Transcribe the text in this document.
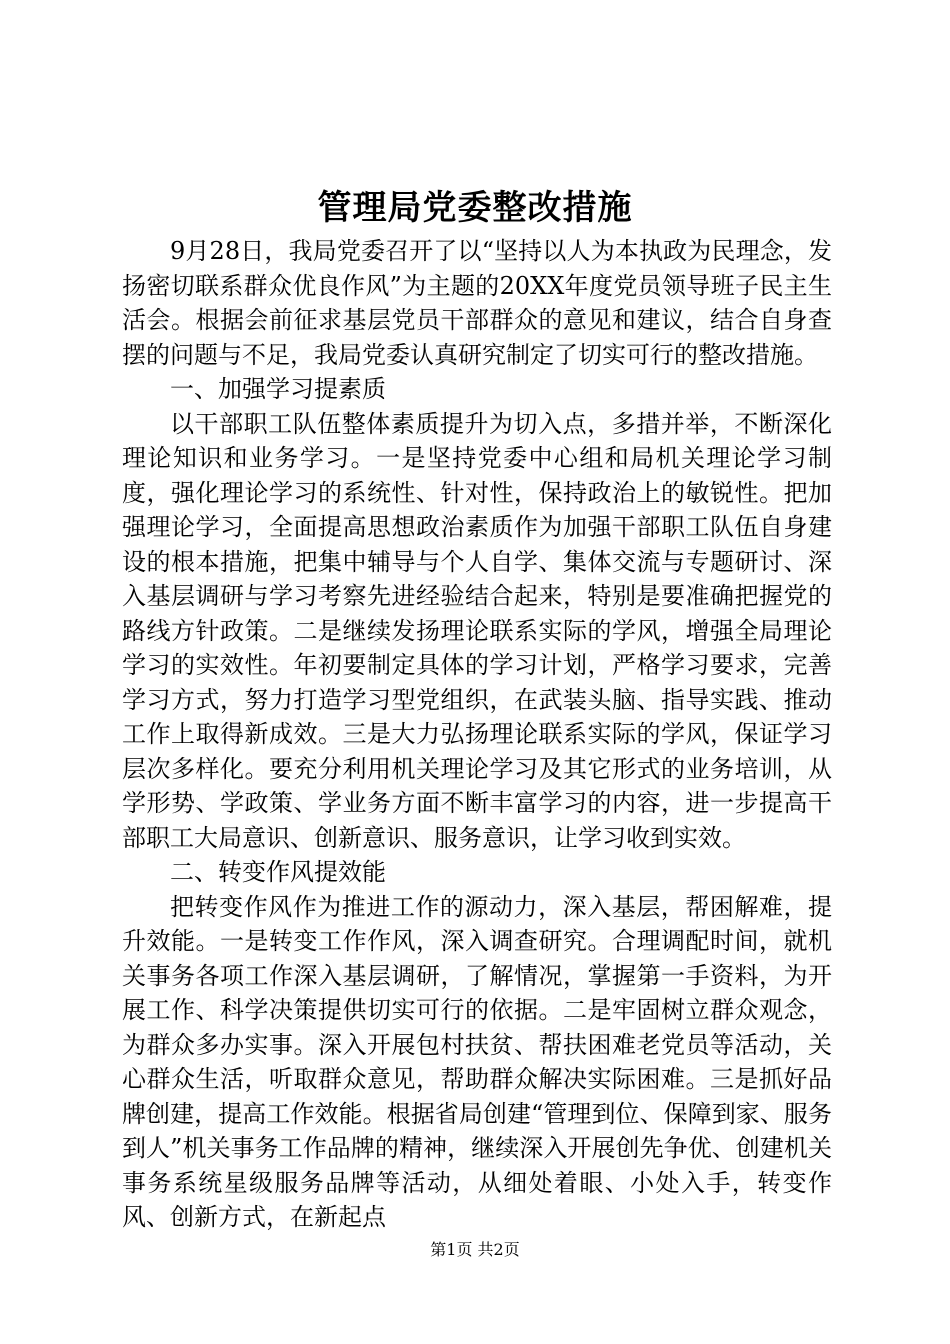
管理局党委整改措施

9月28日，我局党委召开了以“坚持以人为本执政为民理念，发扬密切联系群众优良作风”为主题的20XX年度党员领导班子民主生活会。根据会前征求基层党员干部群众的意见和建议，结合自身查摆的问题与不足，我局党委认真研究制定了切实可行的整改措施。

一、加强学习提素质

以干部职工队伍整体素质提升为切入点，多措并举，不断深化理论知识和业务学习。一是坚持党委中心组和局机关理论学习制度，强化理论学习的系统性、针对性，保持政治上的敏锐性。把加强理论学习，全面提高思想政治素质作为加强干部职工队伍自身建设的根本措施，把集中辅导与个人自学、集体交流与专题研讨、深入基层调研与学习考察先进经验结合起来，特别是要准确把握党的路线方针政策。二是继续发扬理论联系实际的学风，增强全局理论学习的实效性。年初要制定具体的学习计划，严格学习要求，完善学习方式，努力打造学习型党组织，在武装头脑、指导实践、推动工作上取得新成效。三是大力弘扬理论联系实际的学风，保证学习层次多样化。要充分利用机关理论学习及其它形式的业务培训，从学形势、学政策、学业务方面不断丰富学习的内容，进一步提高干部职工大局意识、创新意识、服务意识，让学习收到实效。

二、转变作风提效能

把转变作风作为推进工作的源动力，深入基层，帮困解难，提升效能。一是转变工作作风，深入调查研究。合理调配时间，就机关事务各项工作深入基层调研，了解情况，掌握第一手资料，为开展工作、科学决策提供切实可行的依据。二是牢固树立群众观念，为群众多办实事。深入开展包村扶贫、帮扶困难老党员等活动，关心群众生活，听取群众意见，帮助群众解决实际困难。三是抓好品牌创建，提高工作效能。根据省局创建“管理到位、保障到家、服务到人”机关事务工作品牌的精神，继续深入开展创先争优、创建机关事务系统星级服务品牌等活动，从细处着眼、小处入手，转变作风、创新方式，在新起点

第1页 共2页
